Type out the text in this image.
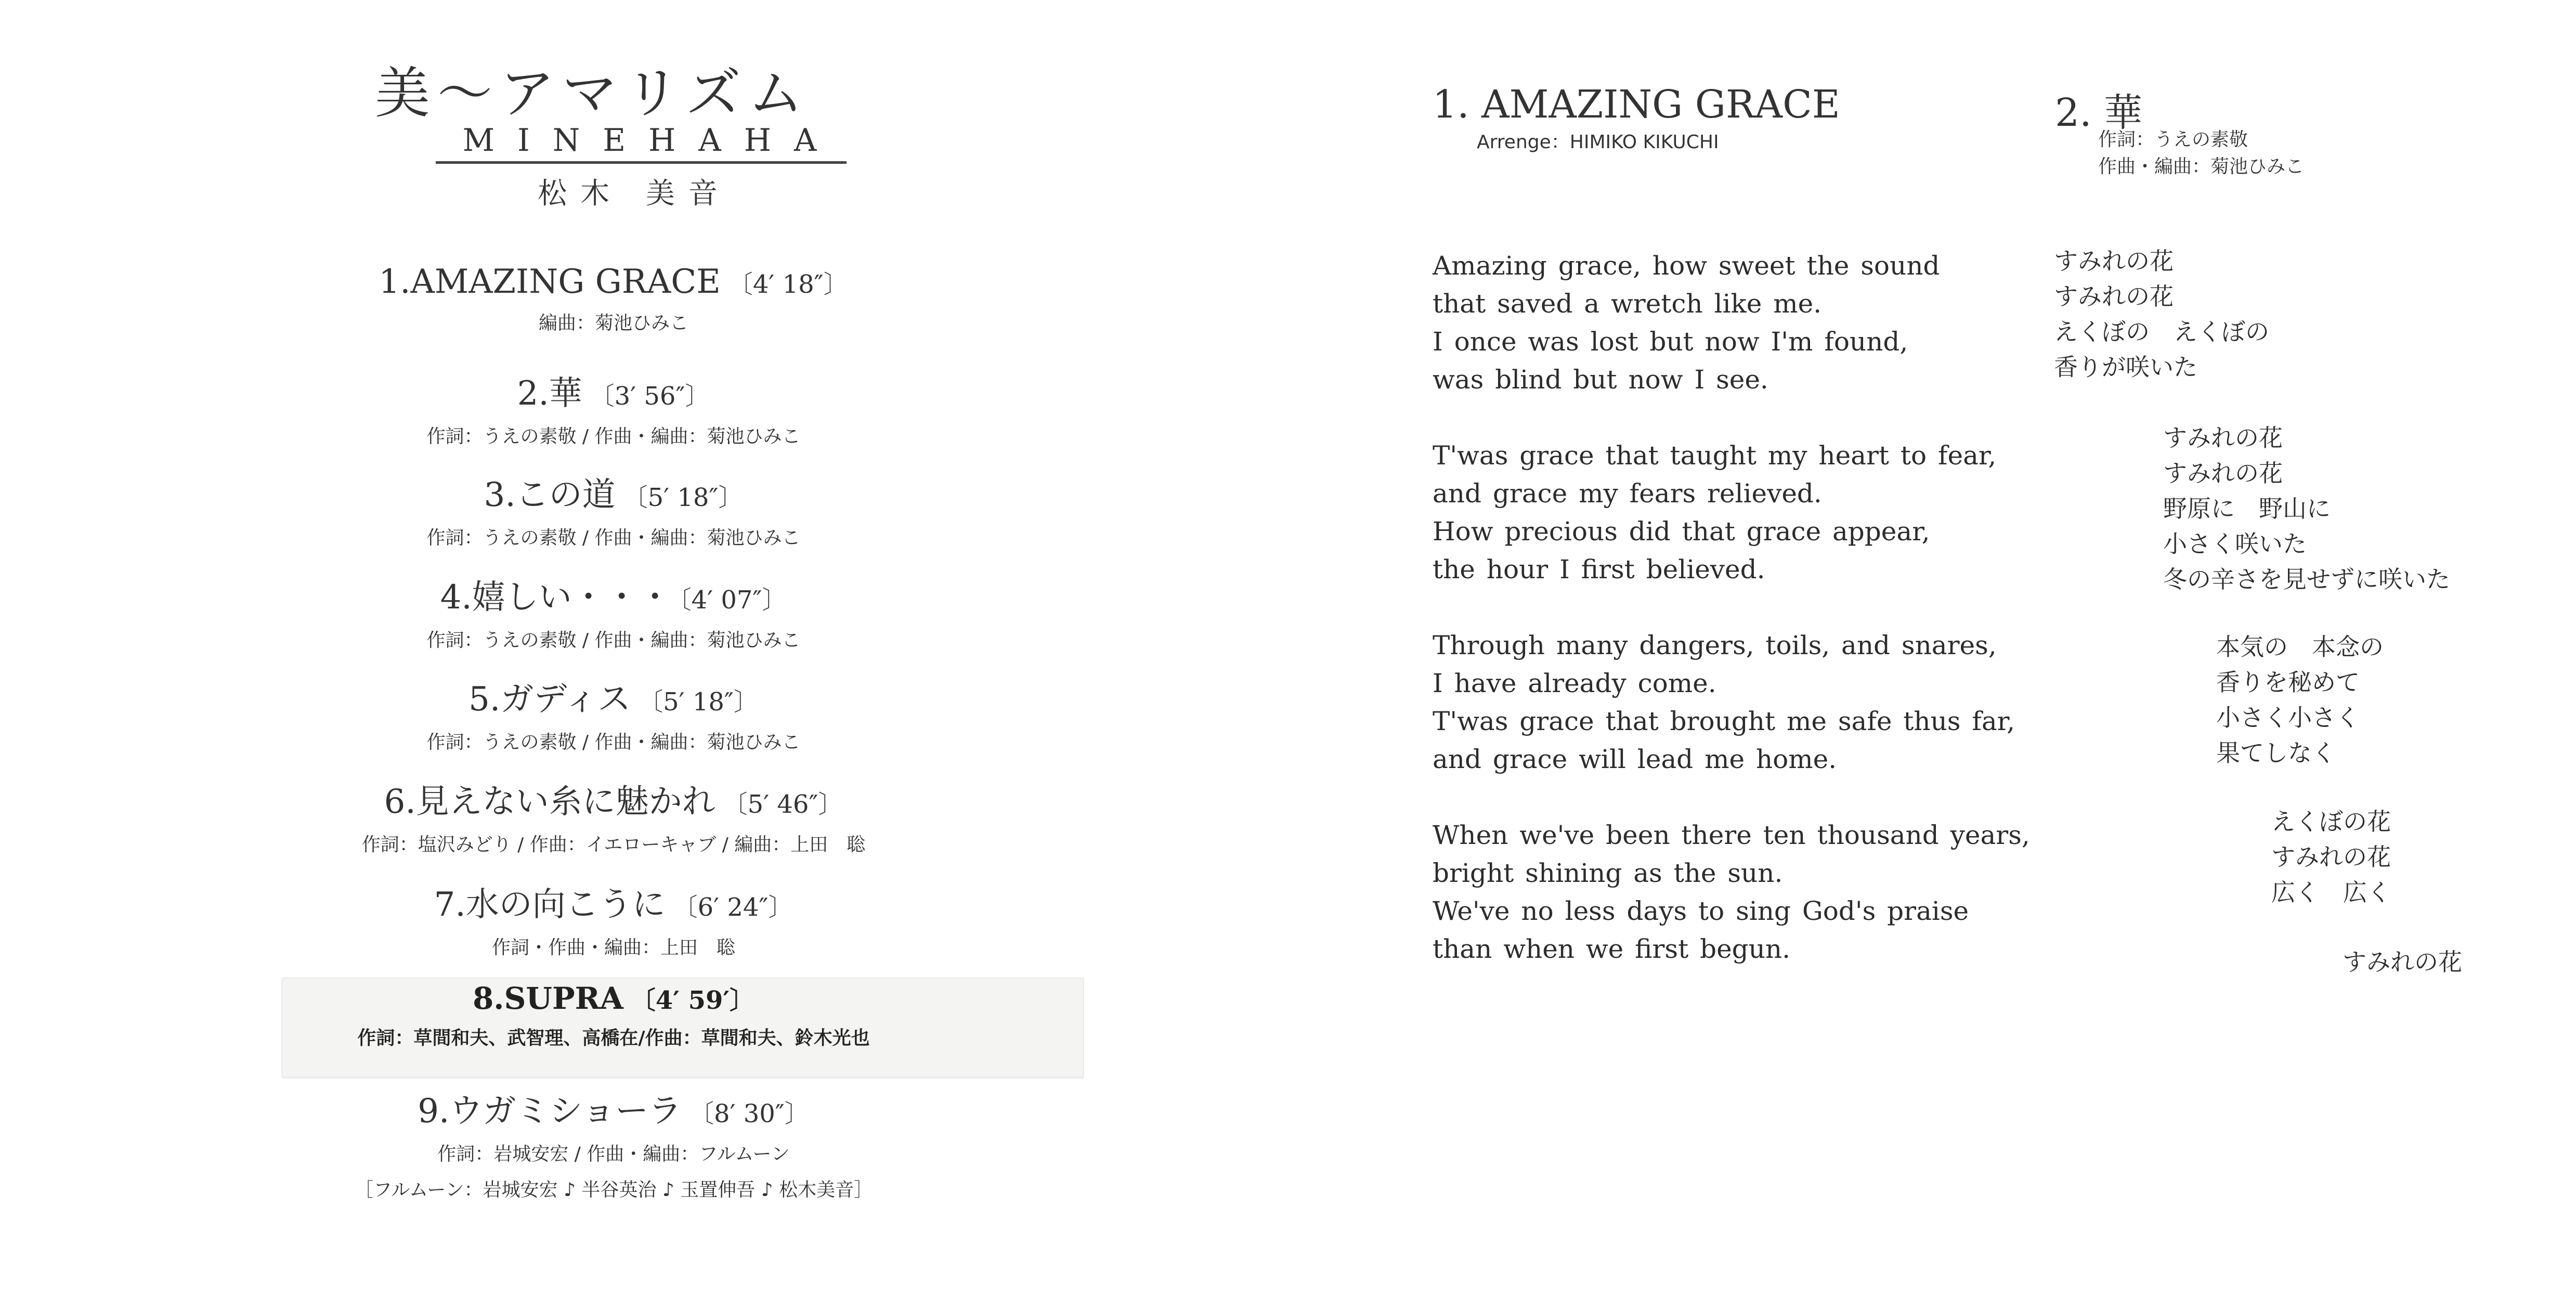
美〜アマリズム
MINEHAHA
松木 美音
1.AMAZING GRACE 〔4′ 18″〕
編曲：菊池ひみこ
2.華 〔3′ 56″〕
作詞：うえの素敬 / 作曲・編曲：菊池ひみこ
3.この道 〔5′ 18″〕
作詞：うえの素敬 / 作曲・編曲：菊池ひみこ
4.嬉しい・・・ 〔4′ 07″〕
作詞：うえの素敬 / 作曲・編曲：菊池ひみこ
5.ガディス 〔5′ 18″〕
作詞：うえの素敬 / 作曲・編曲：菊池ひみこ
6.見えない糸に魅かれ 〔5′ 46″〕
作詞：塩沢みどり / 作曲：イエローキャブ / 編曲：上田　聡
7.水の向こうに 〔6′ 24″〕
作詞・作曲・編曲：上田　聡
8.SUPRA 〔4′ 59′〕
作詞：草間和夫、武智理、高橋在/作曲：草間和夫、鈴木光也
9.ウガミショーラ 〔8′ 30″〕
作詞：岩城安宏 / 作曲・編曲：フルムーン
［フルムーン：岩城安宏 ♪ 半谷英治 ♪ 玉置伸吾 ♪ 松木美音］
1. AMAZING GRACE
Arrenge：HIMIKO KIKUCHI
2. 華
作詞：うえの素敬
作曲・編曲：菊池ひみこ
Amazing grace, how sweet the sound
that saved a wretch like me.
I once was lost but now I'm found,
was blind but now I see.
T'was grace that taught my heart to fear,
and grace my fears relieved.
How precious did that grace appear,
the hour I first believed.
Through many dangers, toils, and snares,
I have already come.
T'was grace that brought me safe thus far,
and grace will lead me home.
When we've been there ten thousand years,
bright shining as the sun.
We've no less days to sing God's praise
than when we first begun.
すみれの花
すみれの花
えくぼの　えくぼの
香りが咲いた
すみれの花
すみれの花
野原に　野山に
小さく咲いた
冬の辛さを見せずに咲いた
本気の　本念の
香りを秘めて
小さく小さく
果てしなく
えくぼの花
すみれの花
広く　広く
すみれの花
